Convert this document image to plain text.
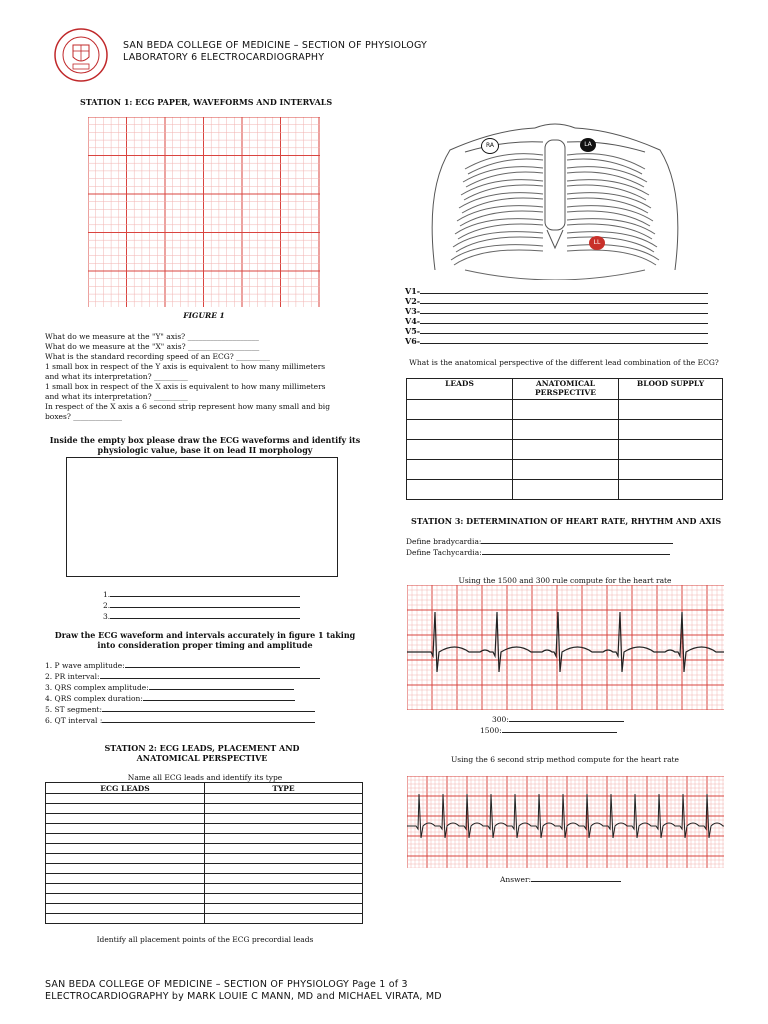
SAN BEDA COLLEGE OF MEDICINE – SECTION OF PHYSIOLOGY
LABORATORY 6 ELECTROCARDIOGRAPHY
STATION 1: ECG PAPER, WAVEFORMS AND INTERVALS
FIGURE 1
What do we measure at the "Y" axis? ___________________
What do we measure at the "X" axis? ___________________
What is the standard recording speed of an ECG? _________
1 small box in respect of the Y axis is equivalent to how many millimeters
and what its interpretation? _________
1 small box in respect of the X axis is equivalent to how many millimeters
and what its interpretation? _________
In respect of the X axis a 6 second strip represent how many small and big
boxes? _____________
Inside the empty box please draw the ECG waveforms and identify its physiologic value, base it on lead II morphology
1.
2.
3.
Draw the ECG waveform and intervals accurately in figure 1 taking into consideration proper timing and amplitude
1. P wave amplitude:
2. PR interval:
3. QRS complex amplitude:
4. QRS complex duration:
5. ST segment:
6. QT interval :
STATION 2: ECG LEADS, PLACEMENT AND ANATOMICAL PERSPECTIVE
Name all ECG leads and identify its type
ECG LEADS	TYPE

Identify all placement points of the ECG precordial leads
RA	LA
LL
V1-
V2-
V3-
V4-
V5-
V6-
What is the anatomical perspective of the different lead combination of the ECG?
LEADS	ANATOMICAL PERSPECTIVE	BLOOD SUPPLY

STATION 3: DETERMINATION OF HEART RATE, RHYTHM AND AXIS
Define bradycardia:
Define Tachycardia:
Using the 1500 and 300 rule compute for the heart rate
300:
1500:
Using the 6 second strip method compute for the heart rate
Answer:
SAN BEDA COLLEGE OF MEDICINE – SECTION OF PHYSIOLOGY Page 1 of 3
ELECTROCARDIOGRAPHY by MARK LOUIE C MANN, MD and MICHAEL VIRATA, MD
